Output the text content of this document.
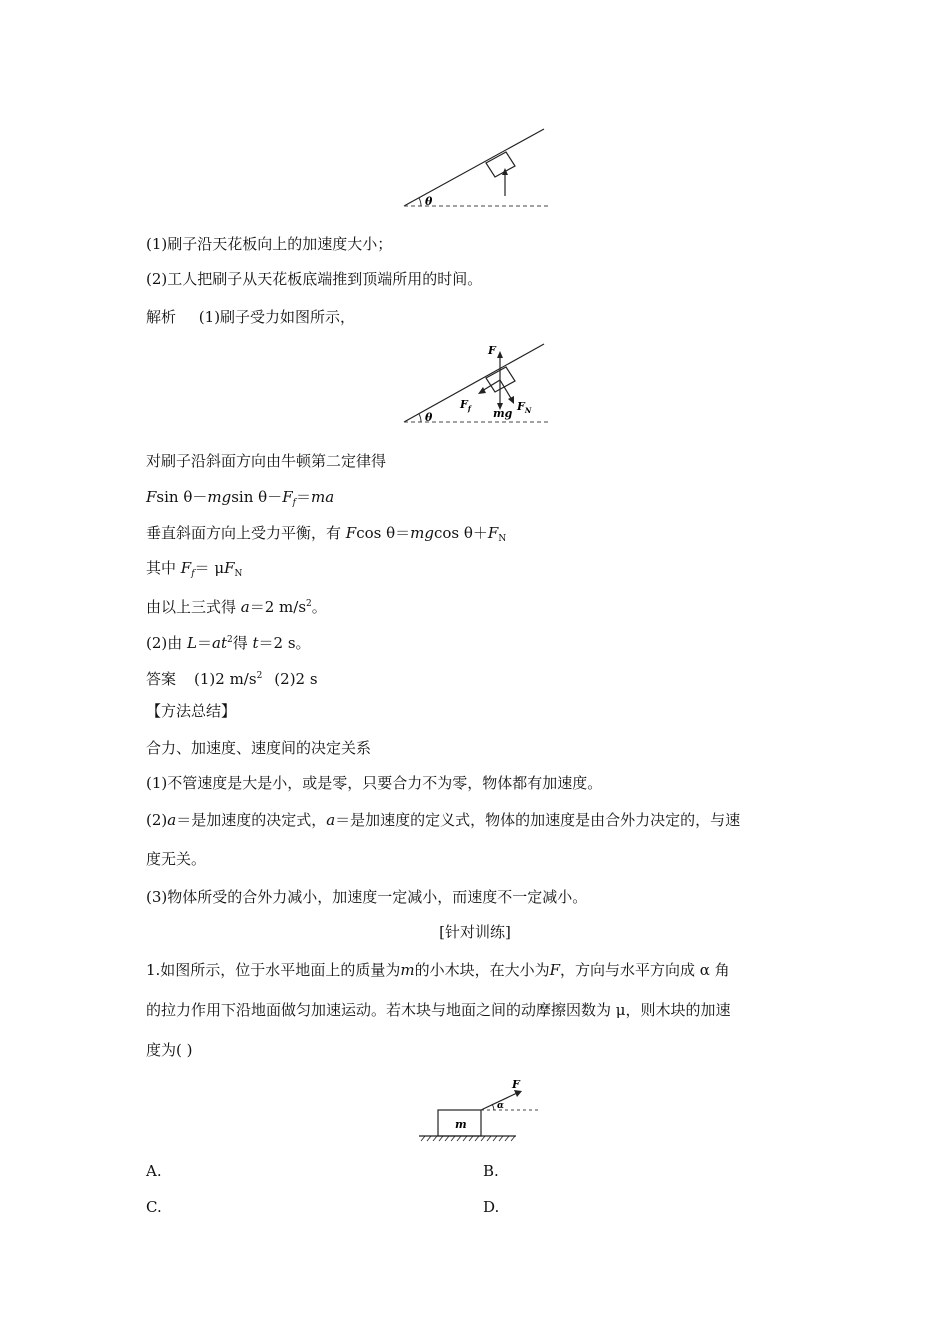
θ
(1)刷子沿天花板向上的加速度大小；
(2)工人把刷子从天花板底端推到顶端所用的时间。
解析 (1)刷子受力如图所示，
F
$F_f$ mg
$F_N$
θ
对刷子沿斜面方向由牛顿第二定律得
Fsin θ－mgsin $\theta-F_f=ma$
垂直斜面方向上受力平衡，有 Fcos θ＝mgcos $\theta+F_N$
其中 $F_f= \mu F_N$
由以上三式得 a＝2 $m/s^2$。
(2)由 $L=at^2$得 t＝2 s。
答案 (1)2 $m/s^2$ (2)2 s
【方法总结】
合力、加速度、速度间的决定关系
(1)不管速度是大是小，或是零，只要合力不为零，物体都有加速度。
(2)a＝是加速度的决定式，a＝是加速度的定义式，物体的加速度是由合外力决定的，与速
度无关。
(3)物体所受的合外力减小，加速度一定减小，而速度不一定减小。
[针对训练]
1.如图所示，位于水平地面上的质量为m的小木块，在大小为F，方向与水平方向成 α 角
的拉力作用下沿地面做匀加速运动。若木块与地面之间的动摩擦因数为 μ，则木块的加速
度为( )
F
α
m
A.	B.
C.	D.
